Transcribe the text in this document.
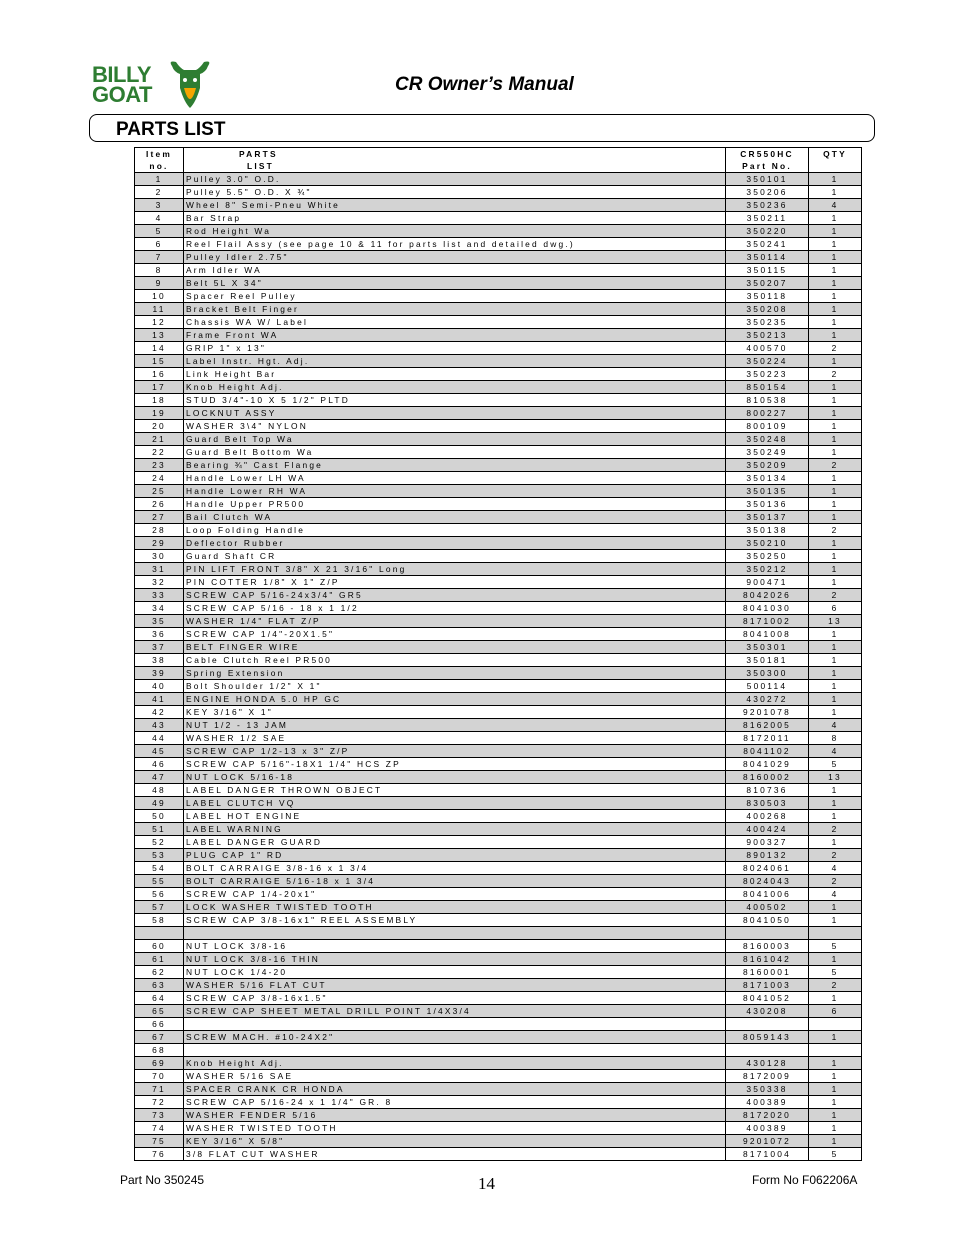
BILLY
GOAT	CR Owner’s Manual
PARTS LIST
Item	PARTS	CR550HC	QTY
no.	LIST	Part No.	
1	Pulley 3.0" O.D.	350101	1
2	Pulley 5.5" O.D. X ¾"	350206	1
3	Wheel 8" Semi-Pneu White	350236	4
4	Bar Strap	350211	1
5	Rod Height Wa	350220	1
6	Reel Flail Assy (see page 10 & 11 for parts list and detailed dwg.)	350241	1
7	Pulley Idler 2.75"	350114	1
8	Arm Idler WA	350115	1
9	Belt 5L X 34"	350207	1
10	Spacer Reel Pulley	350118	1
11	Bracket Belt Finger	350208	1
12	Chassis WA W/ Label	350235	1
13	Frame Front WA	350213	1
14	GRIP 1" x 13"	400570	2
15	Label Instr. Hgt. Adj.	350224	1
16	Link Height Bar	350223	2
17	Knob Height Adj.	850154	1
18	STUD 3/4"-10 X 5 1/2" PLTD	810538	1
19	LOCKNUT ASSY	800227	1
20	WASHER 3\4" NYLON	800109	1
21	Guard Belt Top Wa	350248	1
22	Guard Belt Bottom Wa	350249	1
23	Bearing ¾" Cast Flange	350209	2
24	Handle Lower LH WA	350134	1
25	Handle Lower RH WA	350135	1
26	Handle Upper PR500	350136	1
27	Bail Clutch WA	350137	1
28	Loop Folding Handle	350138	2
29	Deflector Rubber	350210	1
30	Guard Shaft CR	350250	1
31	PIN LIFT FRONT 3/8" X 21 3/16" Long	350212	1
32	PIN COTTER 1/8" X 1" Z/P	900471	1
33	SCREW CAP 5/16-24x3/4" GR5	8042026	2
34	SCREW CAP 5/16 - 18 x 1 1/2	8041030	6
35	WASHER 1/4" FLAT Z/P	8171002	13
36	SCREW CAP 1/4"-20X1.5"	8041008	1
37	BELT FINGER WIRE	350301	1
38	Cable Clutch Reel PR500	350181	1
39	Spring Extension	350300	1
40	Bolt Shoulder 1/2" X 1"	500114	1
41	ENGINE HONDA 5.0 HP GC	430272	1
42	KEY 3/16" X 1"	9201078	1
43	NUT 1/2 - 13 JAM	8162005	4
44	WASHER 1/2 SAE	8172011	8
45	SCREW CAP 1/2-13 x 3" Z/P	8041102	4
46	SCREW CAP 5/16"-18X1 1/4" HCS ZP	8041029	5
47	NUT LOCK 5/16-18	8160002	13
48	LABEL DANGER THROWN OBJECT	810736	1
49	LABEL CLUTCH VQ	830503	1
50	LABEL HOT ENGINE	400268	1
51	LABEL WARNING	400424	2
52	LABEL DANGER GUARD	900327	1
53	PLUG CAP 1" RD	890132	2
54	BOLT CARRAIGE 3/8-16 x 1 3/4	8024061	4
55	BOLT CARRAIGE 5/16-18 x 1 3/4	8024043	2
56	SCREW CAP 1/4-20x1"	8041006	4
57	LOCK WASHER TWISTED TOOTH	400502	1
58	SCREW CAP 3/8-16x1" REEL ASSEMBLY	8041050	1

60	NUT LOCK 3/8-16	8160003	5
61	NUT LOCK 3/8-16 THIN	8161042	1
62	NUT LOCK 1/4-20	8160001	5
63	WASHER 5/16 FLAT CUT	8171003	2
64	SCREW CAP 3/8-16x1.5"	8041052	1
65	SCREW CAP SHEET METAL DRILL POINT 1/4X3/4	430208	6
66			
67	SCREW MACH. #10-24X2"	8059143	1
68			
69	Knob Height Adj.	430128	1
70	WASHER 5/16 SAE	8172009	1
71	SPACER CRANK CR HONDA	350338	1
72	SCREW CAP 5/16-24 x 1 1/4" GR. 8	400389	1
73	WASHER FENDER 5/16	8172020	1
74	WASHER TWISTED TOOTH	400389	1
75	KEY 3/16" X 5/8"	9201072	1
76	3/8 FLAT CUT WASHER	8171004	5
Part No 350245	14	Form No F062206A
